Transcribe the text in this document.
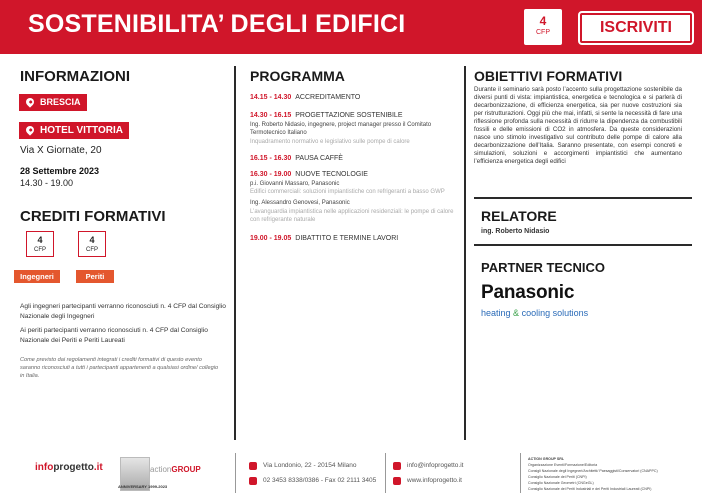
SOSTENIBILITA’ DEGLI EDIFICI	4
CFP	ISCRIVITI
INFORMAZIONI
BRESCIA
HOTEL VITTORIA
Via X Giornate, 20
28 Settembre 2023
14.30 - 19.00
CREDITI FORMATIVI
4
CFP
4
CFP
Ingegneri	Periti
Agli ingegneri partecipanti verranno riconosciuti n. 4 CFP dal Consiglio Nazionale degli Ingegneri
Ai periti partecipanti verranno riconosciuti n. 4 CFP dal Consiglio Nazionale dei Periti e Periti Laureati
Come previsto dai regolamenti integrati i crediti formativi di questo evento saranno riconosciuti a tutti i partecipanti appartenenti a qualsiasi ordine/ collegio in Italia.
PROGRAMMA
14.15 - 14.30 ACCREDITAMENTO
14.30 - 16.15 PROGETTAZIONE SOSTENIBILE
Ing. Roberto Nidasio, ingegnere, project manager presso il Comitato Termotecnico Italiano
Inquadramento normativo e legislativo sulle pompe di calore
16.15 - 16.30 PAUSA CAFFÈ
16.30 - 19.00 NUOVE TECNOLOGIE
p.i. Giovanni Massaro, Panasonic
Edifici commerciali: soluzioni impiantistiche con refrigeranti a basso GWP
Ing. Alessandro Genovesi, Panasonic
L’avanguardia impiantistica nelle applicazioni residenziali: le pompe di calore con refrigerante naturale
19.00 - 19.05 DIBATTITO E TERMINE LAVORI
OBIETTIVI FORMATIVI
Durante il seminario sarà posto l’accento sulla progettazione sostenibile da diversi punti di vista: impiantistica, energetica e tecnologica e si parlerà di decarbonizzazione, di efficienza energetica, sia per nuove costruzioni sia per ristrutturazioni. Oggi più che mai, infatti, si sente la necessità di fare una riflessione profonda sulla necessità di ridurre la dipendenza da combustibili fossili e delle emissioni di CO2 in atmosfera. Da queste considerazioni nasce uno stimolo investigativo sul contributo delle pompe di calore alla decarbonizzazione dell’Italia. Saranno presentate, con esempi concreti e simulazioni, soluzioni e accorgimenti impiantistici che aumentano l’efficienza energetica degli edifici
RELATORE
ing. Roberto Nidasio
PARTNER TECNICO
Panasonic
heating & cooling solutions
infoprogetto.it
ANNIVERSARY 1999-2023
actionGROUP	Via Londonio, 22 - 20154 Milano
02 3453 8338/0386 - Fax 02 2111 3405
info@infoprogetto.it
www.infoprogetto.it
ACTION GROUP SRL
Organizzazione Eventi/Formazione/Editoria
Consigli Nazionale degli Ingegneri/Architetti/ Paesaggisti/Conservatori (CNAPPC)
Consiglio Nazionale dei Periti (CNPI)
Consiglio Nazionale Geometri (CNGeGL)
Consiglio Nazionale dei Periti Industriali e dei Periti Industriali Laureati (CNPI)
